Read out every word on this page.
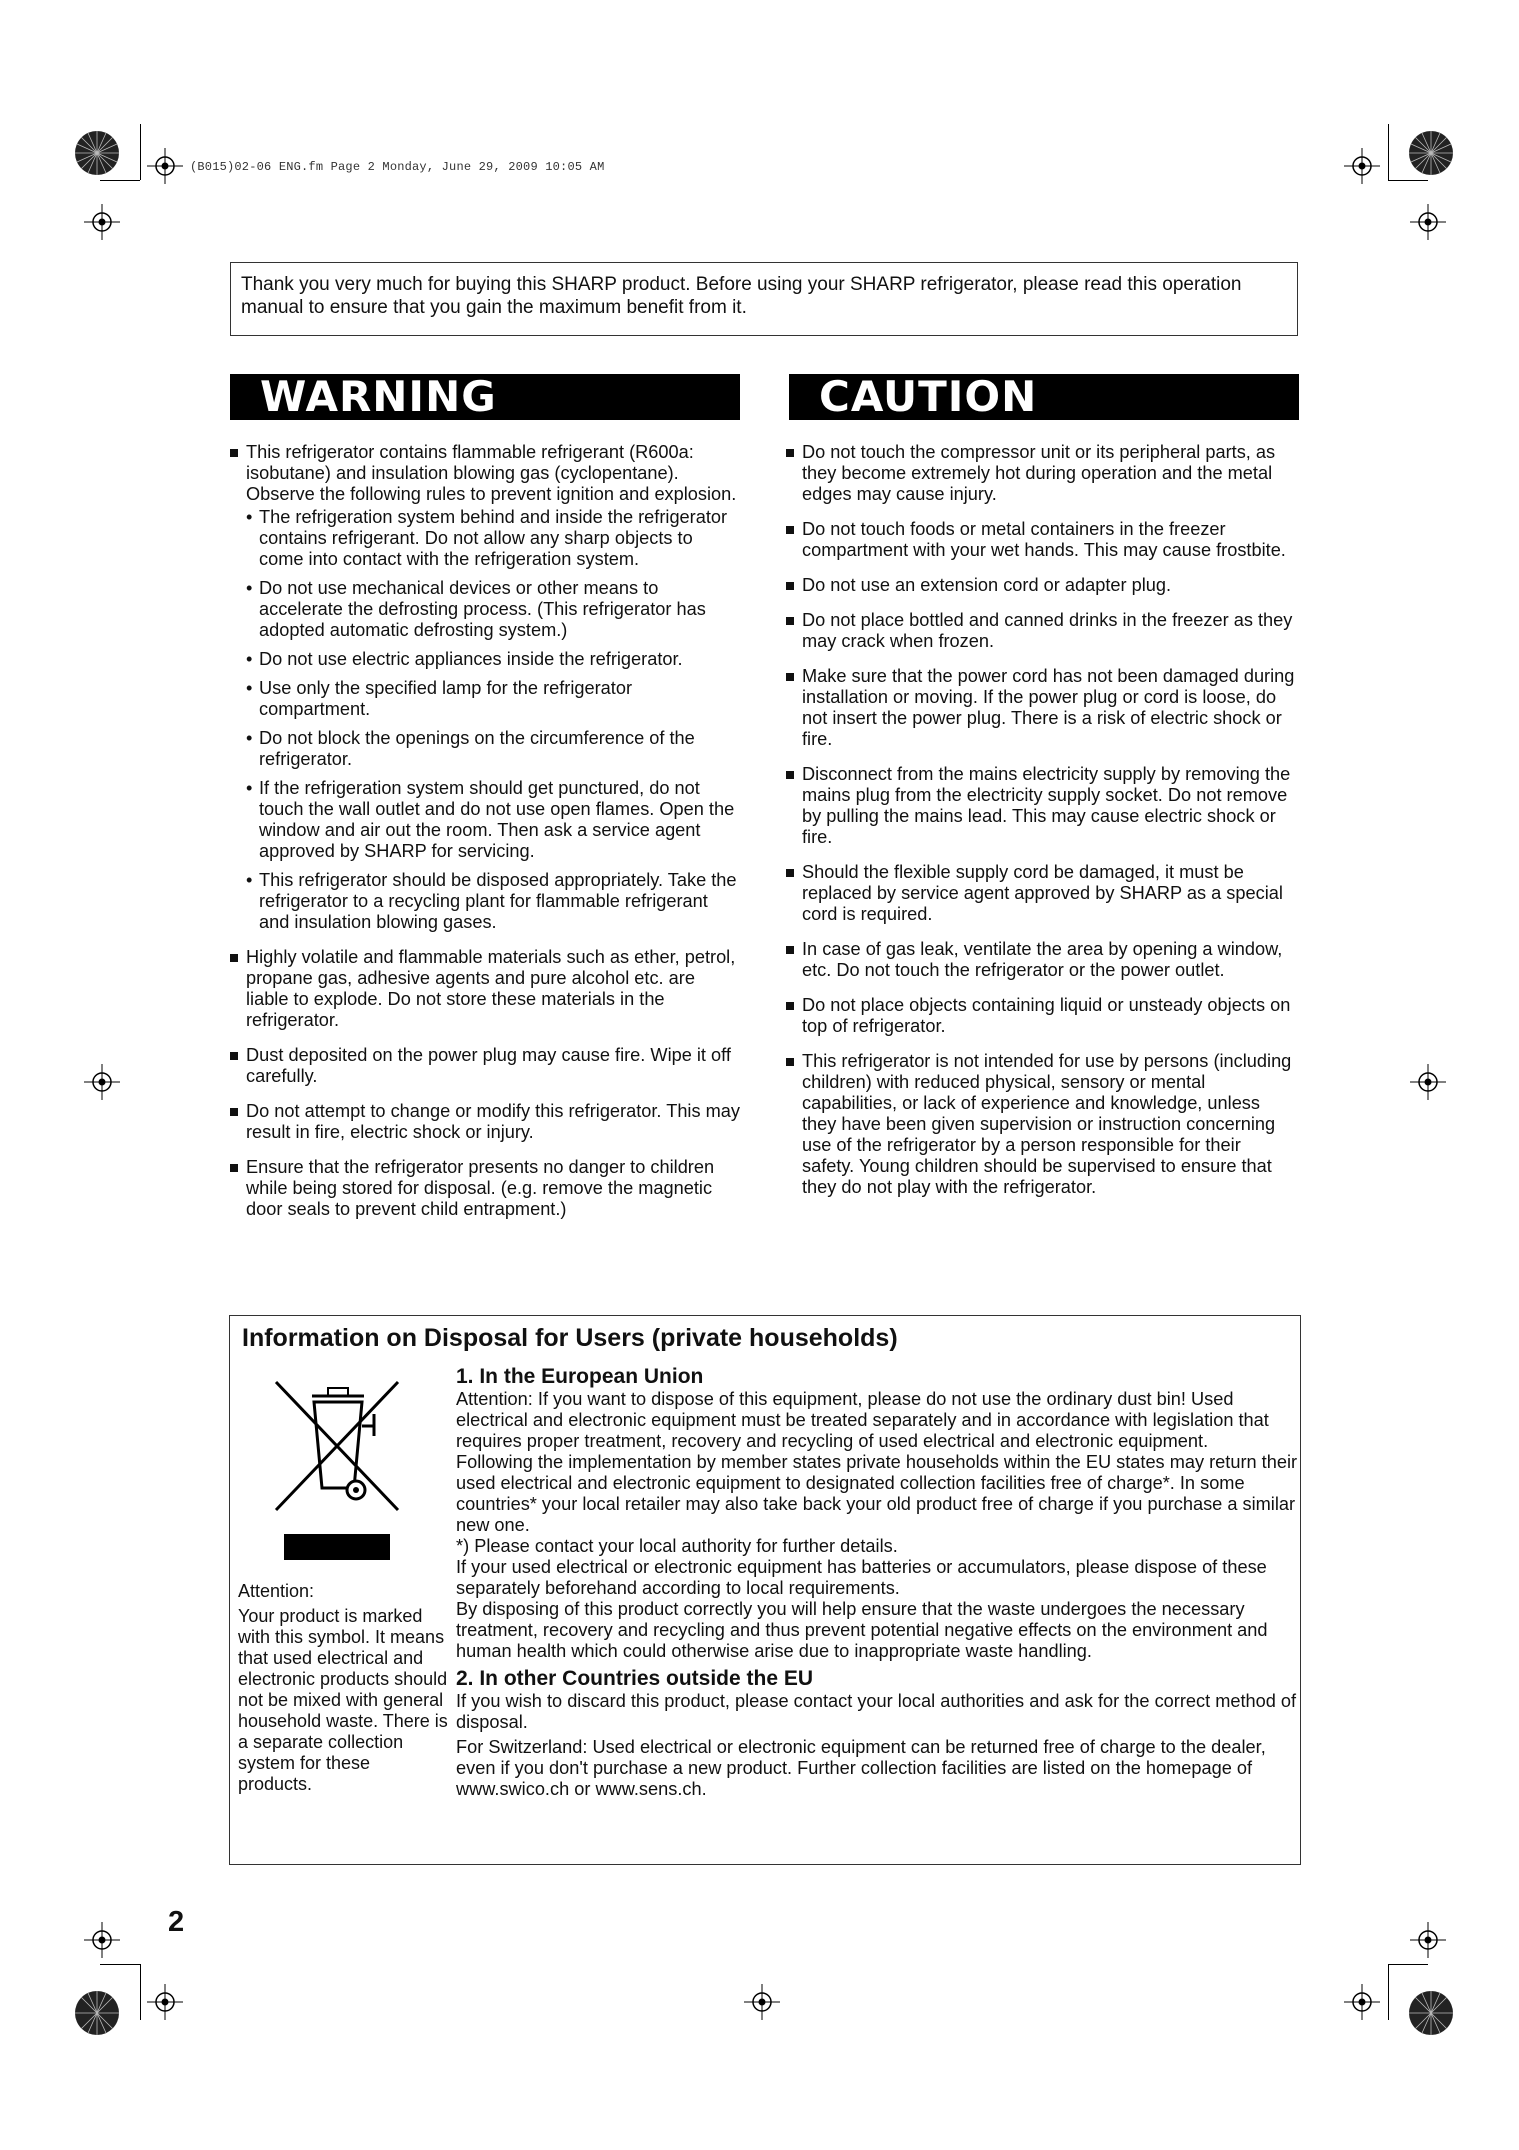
(B015)02-06 ENG.fm Page 2 Monday, June 29, 2009 10:05 AM
Thank you very much for buying this SHARP product. Before using your SHARP refrigerator, please read this operation manual to ensure that you gain the maximum benefit from it.
WARNING
This refrigerator contains flammable refrigerant (R600a: isobutane) and insulation blowing gas (cyclopentane). Observe the following rules to prevent ignition and explosion.
• The refrigeration system behind and inside the refrigerator contains refrigerant. Do not allow any sharp objects to come into contact with the refrigeration system.
• Do not use mechanical devices or other means to accelerate the defrosting process. (This refrigerator has adopted automatic defrosting system.)
• Do not use electric appliances inside the refrigerator.
• Use only the specified lamp for the refrigerator compartment.
• Do not block the openings on the circumference of the refrigerator.
• If the refrigeration system should get punctured, do not touch the wall outlet and do not use open flames. Open the window and air out the room. Then ask a service agent approved by SHARP for servicing.
• This refrigerator should be disposed appropriately. Take the refrigerator to a recycling plant for flammable refrigerant and insulation blowing gases.
Highly volatile and flammable materials such as ether, petrol, propane gas, adhesive agents and pure alcohol etc. are liable to explode. Do not store these materials in the refrigerator.
Dust deposited on the power plug may cause fire. Wipe it off carefully.
Do not attempt to change or modify this refrigerator. This may result in fire, electric shock or injury.
Ensure that the refrigerator presents no danger to children while being stored for disposal. (e.g. remove the magnetic door seals to prevent child entrapment.)
CAUTION
Do not touch the compressor unit or its peripheral parts, as they become extremely hot during operation and the metal edges may cause injury.
Do not touch foods or metal containers in the freezer compartment with your wet hands. This may cause frostbite.
Do not use an extension cord or adapter plug.
Do not place bottled and canned drinks in the freezer as they may crack when frozen.
Make sure that the power cord has not been damaged during installation or moving. If the power plug or cord is loose, do not insert the power plug. There is a risk of electric shock or fire.
Disconnect from the mains electricity supply by removing the mains plug from the electricity supply socket. Do not remove by pulling the mains lead. This may cause electric shock or fire.
Should the flexible supply cord be damaged, it must be replaced by service agent approved by SHARP as a special cord is required.
In case of gas leak, ventilate the area by opening a window, etc. Do not touch the refrigerator or the power outlet.
Do not place objects containing liquid or unsteady objects on top of refrigerator.
This refrigerator is not intended for use by persons (including children) with reduced physical, sensory or mental capabilities, or lack of experience and knowledge, unless they have been given supervision or instruction concerning use of the refrigerator by a person responsible for their safety. Young children should be supervised to ensure that they do not play with the refrigerator.
Information on Disposal for Users (private households)
Attention:
Your product is marked with this symbol. It means that used electrical and electronic products should not be mixed with general household waste. There is a separate collection system for these products.
1. In the European Union

Attention: If you want to dispose of this equipment, please do not use the ordinary dust bin! Used electrical and electronic equipment must be treated separately and in accordance with legislation that requires proper treatment, recovery and recycling of used electrical and electronic equipment.

Following the implementation by member states private households within the EU states may return their used electrical and electronic equipment to designated collection facilities free of charge*. In some countries* your local retailer may also take back your old product free of charge if you purchase a similar new one.

*) Please contact your local authority for further details.

If your used electrical or electronic equipment has batteries or accumulators, please dispose of these separately beforehand according to local requirements.

By disposing of this product correctly you will help ensure that the waste undergoes the necessary treatment, recovery and recycling and thus prevent potential negative effects on the environment and human health which could otherwise arise due to inappropriate waste handling.

2. In other Countries outside the EU

If you wish to discard this product, please contact your local authorities and ask for the correct method of disposal.

For Switzerland: Used electrical or electronic equipment can be returned free of charge to the dealer, even if you don't purchase a new product. Further collection facilities are listed on the homepage of www.swico.ch or www.sens.ch.

2
